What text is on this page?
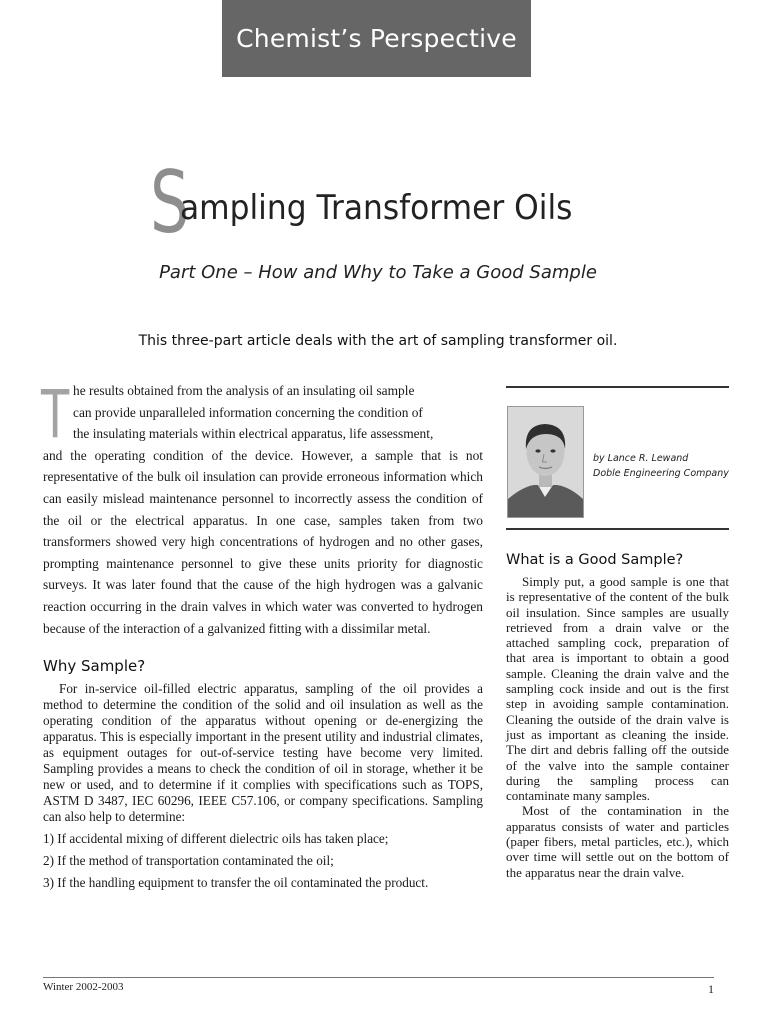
Chemist’s Perspective
S
ampling Transformer Oils
Part One – How and Why to Take a Good Sample
This three-part article deals with the art of sampling transformer oil.
T he results obtained from the analysis of an insulating oil sample
can provide unparalleled information concerning the condition of
the insulating materials within electrical apparatus, life assessment,
and the operating condition of the device. However, a sample that is not representative of the bulk oil insulation can provide erroneous information which can easily mislead maintenance personnel to incorrectly assess the condition of the oil or the electrical apparatus. In one case, samples taken from two transformers showed very high concentrations of hydrogen and no other gases, prompting maintenance personnel to give these units priority for diagnostic surveys. It was later found that the cause of the high hydrogen was a galvanic reaction occurring in the drain valves in which water was converted to hydrogen because of the interaction of a galvanized fitting with a dissimilar metal.

Why Sample?

For in-service oil-filled electric apparatus, sampling of the oil provides a method to determine the condition of the solid and oil insulation as well as the operating condition of the apparatus without opening or de-energizing the apparatus. This is especially important in the present utility and industrial climates, as equipment outages for out-of-service testing have become very limited. Sampling provides a means to check the condition of oil in storage, whether it be new or used, and to determine if it complies with specifications such as TOPS, ASTM D 3487, IEC 60296, IEEE C57.106, or company specifications. Sampling can also help to determine:

1) If accidental mixing of different dielectric oils has taken place;
2) If the method of transportation contaminated the oil;
3) If the handling equipment to transfer the oil contaminated the product.
by Lance R. Lewand
Doble Engineering Company
What is a Good Sample?

Simply put, a good sample is one that is representative of the content of the bulk oil insulation. Since samples are usually retrieved from a drain valve or the attached sampling cock, preparation of that area is important to obtain a good sample. Cleaning the drain valve and the sampling cock inside and out is the first step in avoiding sample contamination. Cleaning the outside of the drain valve is just as important as cleaning the inside. The dirt and debris falling off the outside of the valve into the sample container during the sampling process can contaminate many samples.

Most of the contamination in the apparatus consists of water and particles (paper fibers, metal particles, etc.), which over time will settle out on the bottom of the apparatus near the drain valve.

Winter 2002-2003	1
